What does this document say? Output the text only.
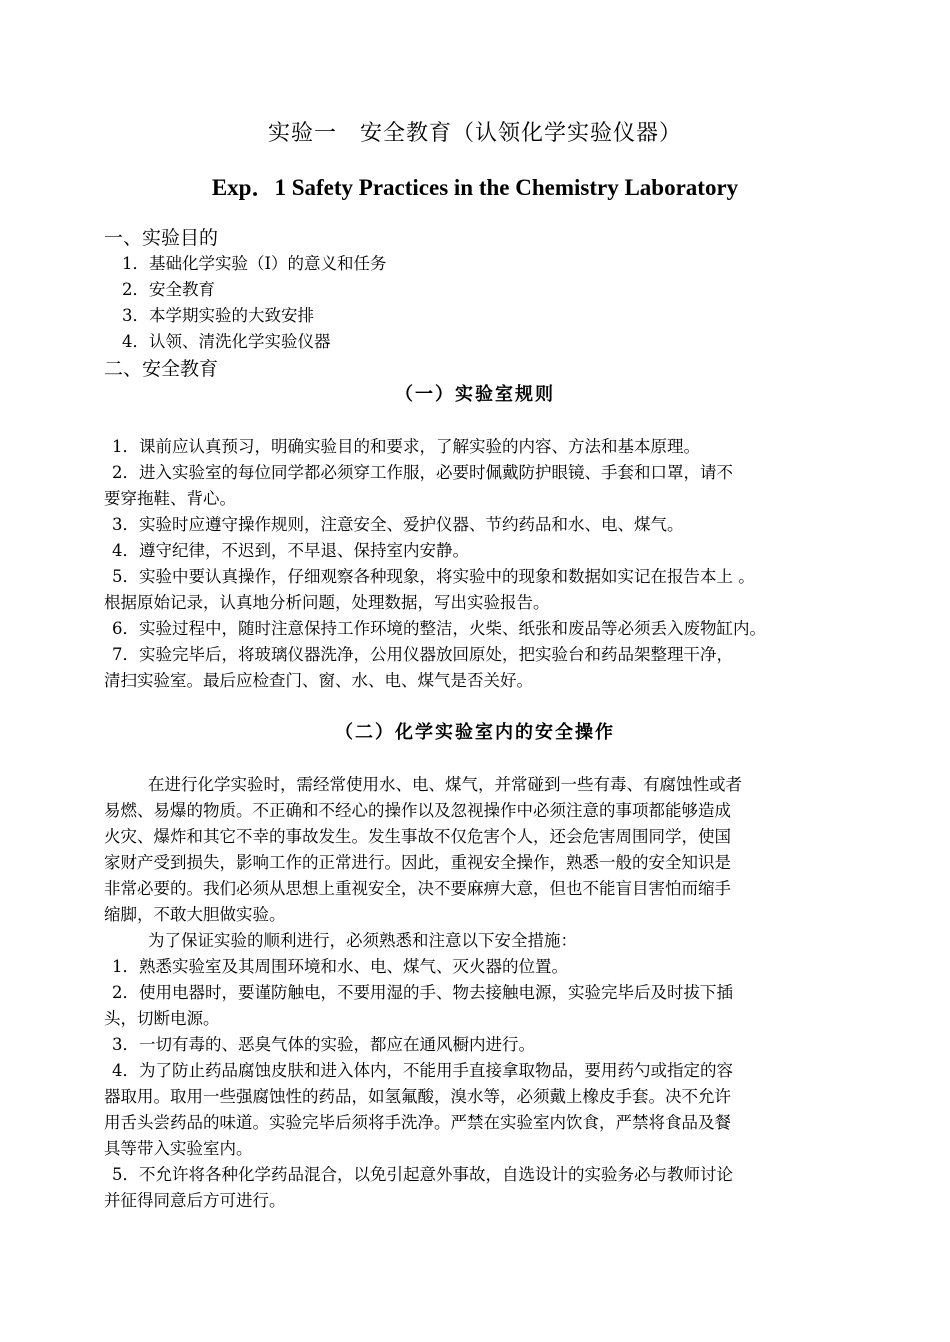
实验一　安全教育（认领化学实验仪器）
Exp．1 Safety Practices in the Chemistry Laboratory
一、实验目的
1．基础化学实验（I）的意义和任务
2．安全教育
3．本学期实验的大致安排
4．认领、清洗化学实验仪器
二、安全教育
（一）实验室规则
1．课前应认真预习，明确实验目的和要求，了解实验的内容、方法和基本原理。
2．进入实验室的每位同学都必须穿工作服，必要时佩戴防护眼镜、手套和口罩，请不
要穿拖鞋、背心。
3．实验时应遵守操作规则，注意安全、爱护仪器、节约药品和水、电、煤气。
4．遵守纪律，不迟到，不早退、保持室内安静。
5．实验中要认真操作，仔细观察各种现象，将实验中的现象和数据如实记在报告本上 。
根据原始记录，认真地分析问题，处理数据，写出实验报告。
6．实验过程中，随时注意保持工作环境的整洁，火柴、纸张和废品等必须丢入废物缸内。
7．实验完毕后，将玻璃仪器洗净，公用仪器放回原处，把实验台和药品架整理干净，
清扫实验室。最后应检查门、窗、水、电、煤气是否关好。
（二）化学实验室内的安全操作
在进行化学实验时，需经常使用水、电、煤气，并常碰到一些有毒、有腐蚀性或者
易燃、易爆的物质。不正确和不经心的操作以及忽视操作中必须注意的事项都能够造成
火灾、爆炸和其它不幸的事故发生。发生事故不仅危害个人，还会危害周围同学，使国
家财产受到损失，影响工作的正常进行。因此，重视安全操作，熟悉一般的安全知识是
非常必要的。我们必须从思想上重视安全，决不要麻痹大意，但也不能盲目害怕而缩手
缩脚，不敢大胆做实验。
为了保证实验的顺利进行，必须熟悉和注意以下安全措施：
1．熟悉实验室及其周围环境和水、电、煤气、灭火器的位置。
2．使用电器时，要谨防触电，不要用湿的手、物去接触电源，实验完毕后及时拔下插
头，切断电源。
3．一切有毒的、恶臭气体的实验，都应在通风橱内进行。
4．为了防止药品腐蚀皮肤和进入体内，不能用手直接拿取物品，要用药勺或指定的容
器取用。取用一些强腐蚀性的药品，如氢氟酸，溴水等，必须戴上橡皮手套。决不允许
用舌头尝药品的味道。实验完毕后须将手洗净。严禁在实验室内饮食，严禁将食品及餐
具等带入实验室内。
5．不允许将各种化学药品混合，以免引起意外事故，自选设计的实验务必与教师讨论
并征得同意后方可进行。
